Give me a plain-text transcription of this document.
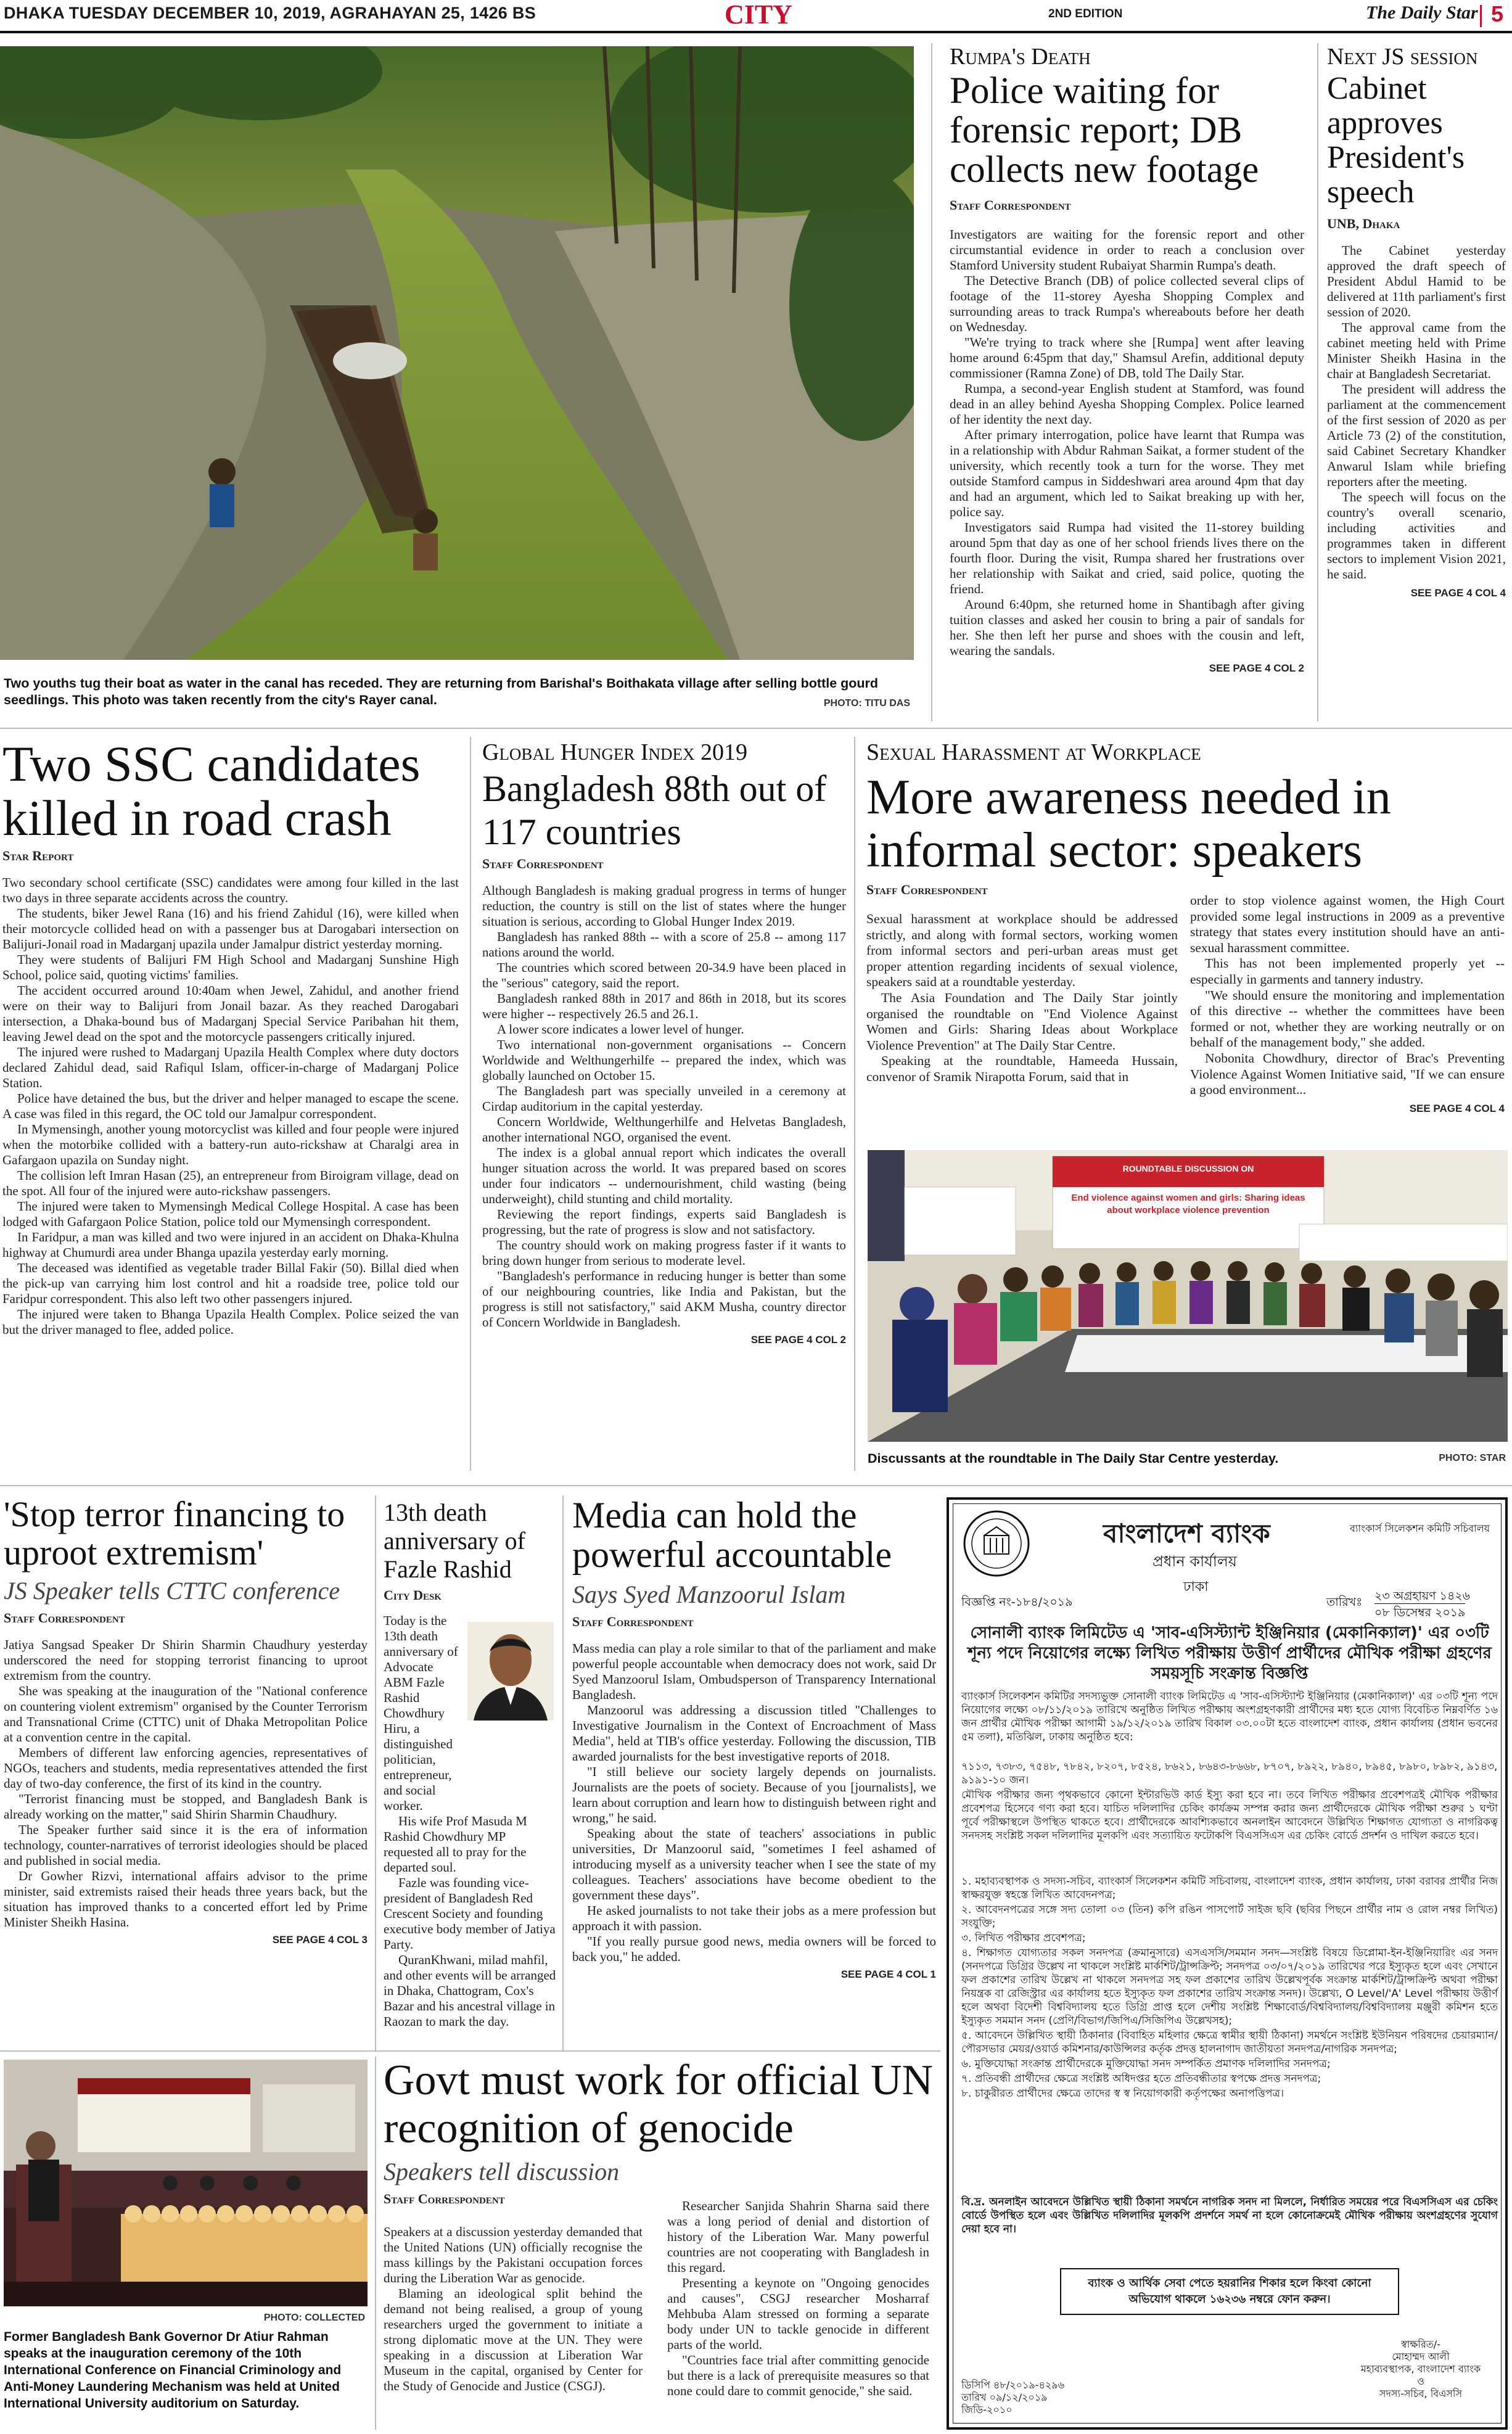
DHAKA TUESDAY DECEMBER 10, 2019, AGRAHAYAN 25, 1426 BS	CITY	2ND EDITION	The Daily Star 5
Two youths tug their boat as water in the canal has receded. They are returning from Barishal's Boithakata village after selling bottle gourd seedlings. This photo was taken recently from the city's Rayer canal.	PHOTO: TITU DAS
Rumpa's Death
Police waiting for forensic report; DB collects new footage
Staff Correspondent

Investigators are waiting for the forensic report and other circumstantial evidence in order to reach a conclusion over Stamford University student Rubaiyat Sharmin Rumpa's death.

The Detective Branch (DB) of police collected several clips of footage of the 11-storey Ayesha Shopping Complex and surrounding areas to track Rumpa's whereabouts before her death on Wednesday.

"We're trying to track where she [Rumpa] went after leaving home around 6:45pm that day," Shamsul Arefin, additional deputy commissioner (Ramna Zone) of DB, told The Daily Star.

Rumpa, a second-year English student at Stamford, was found dead in an alley behind Ayesha Shopping Complex. Police learned of her identity the next day.

After primary interrogation, police have learnt that Rumpa was in a relationship with Abdur Rahman Saikat, a former student of the university, which recently took a turn for the worse. They met outside Stamford campus in Siddeshwari area around 4pm that day and had an argument, which led to Saikat breaking up with her, police say.

Investigators said Rumpa had visited the 11-storey building around 5pm that day as one of her school friends lives there on the fourth floor. During the visit, Rumpa shared her frustrations over her relationship with Saikat and cried, said police, quoting the friend.

Around 6:40pm, she returned home in Shantibagh after giving tuition classes and asked her cousin to bring a pair of sandals for her. She then left her purse and shoes with the cousin and left, wearing the sandals.

SEE PAGE 4 COL 2
Next JS session
Cabinet approves President's speech
UNB, Dhaka

The Cabinet yesterday approved the draft speech of President Abdul Hamid to be delivered at 11th parliament's first session of 2020.

The approval came from the cabinet meeting held with Prime Minister Sheikh Hasina in the chair at Bangladesh Secretariat.

The president will address the parliament at the commencement of the first session of 2020 as per Article 73 (2) of the constitution, said Cabinet Secretary Khandker Anwarul Islam while briefing reporters after the meeting.

The speech will focus on the country's overall scenario, including activities and programmes taken in different sectors to implement Vision 2021, he said.

SEE PAGE 4 COL 4
Two SSC candidates killed in road crash
Star Report

Two secondary school certificate (SSC) candidates were among four killed in the last two days in three separate accidents across the country.

The students, biker Jewel Rana (16) and his friend Zahidul (16), were killed when their motorcycle collided head on with a passenger bus at Darogabari intersection on Balijuri-Jonail road in Madarganj upazila under Jamalpur district yesterday morning.

They were students of Balijuri FM High School and Madarganj Sunshine High School, police said, quoting victims' families.

The accident occurred around 10:40am when Jewel, Zahidul, and another friend were on their way to Balijuri from Jonail bazar. As they reached Darogabari intersection, a Dhaka-bound bus of Madarganj Special Service Paribahan hit them, leaving Jewel dead on the spot and the motorcycle passengers critically injured.

The injured were rushed to Madarganj Upazila Health Complex where duty doctors declared Zahidul dead, said Rafiqul Islam, officer-in-charge of Madarganj Police Station.

Police have detained the bus, but the driver and helper managed to escape the scene. A case was filed in this regard, the OC told our Jamalpur correspondent.

In Mymensingh, another young motorcyclist was killed and four people were injured when the motorbike collided with a battery-run auto-rickshaw at Charalgi area in Gafargaon upazila on Sunday night.

The collision left Imran Hasan (25), an entrepreneur from Biroigram village, dead on the spot. All four of the injured were auto-rickshaw passengers.

The injured were taken to Mymensingh Medical College Hospital. A case has been lodged with Gafargaon Police Station, police told our Mymensingh correspondent.

In Faridpur, a man was killed and two were injured in an accident on Dhaka-Khulna highway at Chumurdi area under Bhanga upazila yesterday early morning.

The deceased was identified as vegetable trader Billal Fakir (50). Billal died when the pick-up van carrying him lost control and hit a roadside tree, police told our Faridpur correspondent. This also left two other passengers injured.

The injured were taken to Bhanga Upazila Health Complex. Police seized the van but the driver managed to flee, added police.

Global Hunger Index 2019
Bangladesh 88th out of 117 countries
Staff Correspondent

Although Bangladesh is making gradual progress in terms of hunger reduction, the country is still on the list of states where the hunger situation is serious, according to Global Hunger Index 2019.

Bangladesh has ranked 88th -- with a score of 25.8 -- among 117 nations around the world.

The countries which scored between 20-34.9 have been placed in the "serious" category, said the report.

Bangladesh ranked 88th in 2017 and 86th in 2018, but its scores were higher -- respectively 26.5 and 26.1.

A lower score indicates a lower level of hunger.

Two international non-government organisations -- Concern Worldwide and Welthungerhilfe -- prepared the index, which was globally launched on October 15.

The Bangladesh part was specially unveiled in a ceremony at Cirdap auditorium in the capital yesterday.

Concern Worldwide, Welthungerhilfe and Helvetas Bangladesh, another international NGO, organised the event.

The index is a global annual report which indicates the overall hunger situation across the world. It was prepared based on scores under four indicators -- undernourishment, child wasting (being underweight), child stunting and child mortality.

Reviewing the report findings, experts said Bangladesh is progressing, but the rate of progress is slow and not satisfactory.

The country should work on making progress faster if it wants to bring down hunger from serious to moderate level.

"Bangladesh's performance in reducing hunger is better than some of our neighbouring countries, like India and Pakistan, but the progress is still not satisfactory," said AKM Musha, country director of Concern Worldwide in Bangladesh.

SEE PAGE 4 COL 2
Sexual Harassment at Workplace
More awareness needed in informal sector: speakers
Staff Correspondent

Sexual harassment at workplace should be addressed strictly, and along with formal sectors, working women from informal sectors and peri-urban areas must get proper attention regarding incidents of sexual violence, speakers said at a roundtable yesterday.

The Asia Foundation and The Daily Star jointly organised the roundtable on "End Violence Against Women and Girls: Sharing Ideas about Workplace Violence Prevention" at The Daily Star Centre.

Speaking at the roundtable, Hameeda Hussain, convenor of Sramik Nirapotta Forum, said that in

order to stop violence against women, the High Court provided some legal instructions in 2009 as a preventive strategy that states every institution should have an anti-sexual harassment committee.

This has not been implemented properly yet -- especially in garments and tannery industry.

"We should ensure the monitoring and implementation of this directive -- whether the committees have been formed or not, whether they are working neutrally or on behalf of the management body," she added.

Nobonita Chowdhury, director of Brac's Preventing Violence Against Women Initiative said, "If we can ensure a good environment...

SEE PAGE 4 COL 4
ROUNDTABLE DISCUSSION ON
End violence against women and girls: Sharing ideas about workplace violence prevention
Discussants at the roundtable in The Daily Star Centre yesterday.	PHOTO: STAR
'Stop terror financing to uproot extremism'
JS Speaker tells CTTC conference
Staff Correspondent

Jatiya Sangsad Speaker Dr Shirin Sharmin Chaudhury yesterday underscored the need for stopping terrorist financing to uproot extremism from the country.

She was speaking at the inauguration of the "National conference on countering violent extremism" organised by the Counter Terrorism and Transnational Crime (CTTC) unit of Dhaka Metropolitan Police at a convention centre in the capital.

Members of different law enforcing agencies, representatives of NGOs, teachers and students, media representatives attended the first day of two-day conference, the first of its kind in the country.

"Terrorist financing must be stopped, and Bangladesh Bank is already working on the matter," said Shirin Sharmin Chaudhury.

The Speaker further said since it is the era of information technology, counter-narratives of terrorist ideologies should be placed and published in social media.

Dr Gowher Rizvi, international affairs advisor to the prime minister, said extremists raised their heads three years back, but the situation has improved thanks to a concerted effort led by Prime Minister Sheikh Hasina.

SEE PAGE 4 COL 3
13th death anniversary of Fazle Rashid
City Desk
Today is the 13th death anniversary of Advocate ABM Fazle Rashid Chowdhury Hiru, a distinguished politician, entrepreneur, and social worker.

His wife Prof Masuda M Rashid Chowdhury MP requested all to pray for the departed soul.

Fazle was founding vice-president of Bangladesh Red Crescent Society and founding executive body member of Jatiya Party.

QuranKhwani, milad mahfil, and other events will be arranged in Dhaka, Chattogram, Cox's Bazar and his ancestral village in Raozan to mark the day.

Media can hold the powerful accountable
Says Syed Manzoorul Islam
Staff Correspondent

Mass media can play a role similar to that of the parliament and make powerful people accountable when democracy does not work, said Dr Syed Manzoorul Islam, Ombudsperson of Transparency International Bangladesh.

Manzoorul was addressing a discussion titled "Challenges to Investigative Journalism in the Context of Encroachment of Mass Media", held at TIB's office yesterday. Following the discussion, TIB awarded journalists for the best investigative reports of 2018.

"I still believe our society largely depends on journalists. Journalists are the poets of society. Because of you [journalists], we learn about corruption and learn how to distinguish between right and wrong," he said.

Speaking about the state of teachers' associations in public universities, Dr Manzoorul said, "sometimes I feel ashamed of introducing myself as a university teacher when I see the state of my colleagues. Teachers' associations have become obedient to the government these days".

He asked journalists to not take their jobs as a mere profession but approach it with passion.

"If you really pursue good news, media owners will be forced to back you," he added.

SEE PAGE 4 COL 1
বাংলাদেশ ব্যাংক	ব্যাংকার্স সিলেকশন কমিটি সচিবালয়
প্রধান কার্যালয়
ঢাকা
বিজ্ঞপ্তি নং-১৮৪/২০১৯	তারিখঃ ২৩ অগ্রহায়ণ ১৪২৬
০৮ ডিসেম্বর ২০১৯
সোনালী ব্যাংক লিমিটেড এ 'সাব-এসিস্ট্যান্ট ইঞ্জিনিয়ার (মেকানিক্যাল)' এর ০৩টি শূন্য পদে নিয়োগের লক্ষ্যে লিখিত পরীক্ষায় উত্তীর্ণ প্রার্থীদের মৌখিক পরীক্ষা গ্রহণের সময়সূচি সংক্রান্ত বিজ্ঞপ্তি
ব্যাংকার্স সিলেকশন কমিটির সদস্যভুক্ত সোনালী ব্যাংক লিমিটেড এ 'সাব-এসিস্ট্যান্ট ইঞ্জিনিয়ার (মেকানিক্যাল)' এর ০৩টি শূন্য পদে নিয়োগের লক্ষ্যে ০৮/১১/২০১৯ তারিখে অনুষ্ঠিত লিখিত পরীক্ষায় অংশগ্রহণকারী প্রার্থীদের মধ্য হতে যোগ্য বিবেচিত নিম্নবর্ণিত ১৬ জন প্রার্থীর মৌখিক পরীক্ষা আগামী ১৯/১২/২০১৯ তারিখ বিকাল ০৩.০০টা হতে বাংলাদেশ ব্যাংক, প্রধান কার্যালয় (প্রধান ভবনের ৫ম তলা), মতিঝিল, ঢাকায় অনুষ্ঠিত হবে:
৭১১৩, ৭৩৮৩, ৭৫৪৮, ৭৮৪২, ৮২০৭, ৮৫২৪, ৮৬২১, ৮৬৪৩-৮৬৬৮, ৮৭০৭, ৮৯২২, ৮৯৪০, ৮৯৪৫, ৮৯৮০, ৮৯৮২, ৯১৪৩, ৯১৯১-১০ জন।
মৌখিক পরীক্ষার জন্য পৃথকভাবে কোনো ইন্টারভিউ কার্ড ইস্যু করা হবে না। তবে লিখিত পরীক্ষার প্রবেশপত্রই মৌখিক পরীক্ষার প্রবেশপত্র হিসেবে গণ্য করা হবে। যাচিত দলিলাদির চেকিং কার্যক্রম সম্পন্ন করার জন্য প্রার্থীদেরকে মৌখিক পরীক্ষা শুরুর ১ ঘণ্টা পূর্বে পরীক্ষাস্থলে উপস্থিত থাকতে হবে। প্রার্থীদেরকে আবশ্যিকভাবে অনলাইন আবেদনে উল্লিখিত শিক্ষাগত যোগ্যতা ও নাগরিকত্ব সনদসহ সংশ্লিষ্ট সকল দলিলাদির মূলকপি এবং সত্যায়িত ফটোকপি বিএসসিএস এর চেকিং বোর্ডে প্রদর্শন ও দাখিল করতে হবে।
১. মহাব্যবস্থাপক ও সদস্য-সচিব, ব্যাংকার্স সিলেকশন কমিটি সচিবালয়, বাংলাদেশ ব্যাংক, প্রধান কার্যালয়, ঢাকা বরাবর প্রার্থীর নিজ স্বাক্ষরযুক্ত স্বহস্তে লিখিত আবেদনপত্র;
২. আবেদনপত্রের সঙ্গে সদ্য তোলা ০৩ (তিন) কপি রঙিন পাসপোর্ট সাইজ ছবি (ছবির পিছনে প্রার্থীর নাম ও রোল নম্বর লিখিত) সংযুক্তি;
৩. লিখিত পরীক্ষার প্রবেশপত্র;
৪. শিক্ষাগত যোগ্যতার সকল সনদপত্র (ক্রমানুসারে) এসএসসি/সমমান সনদ—সংশ্লিষ্ট বিষয়ে ডিপ্লোমা-ইন-ইঞ্জিনিয়ারিং এর সনদ (সনদপত্রে ডিগ্রির উল্লেখ না থাকলে সংশ্লিষ্ট মার্কশিট/ট্রান্সক্রিপ্ট; সনদপত্র ০৩/০৭/২০১৯ তারিখের পরে ইস্যুকৃত হলে এবং সেখানে ফল প্রকাশের তারিখ উল্লেখ না থাকলে সনদপত্র সহ ফল প্রকাশের তারিখ উল্লেখপূর্বক সংক্রান্ত মার্কশিট/ট্রান্সক্রিপ্ট অথবা পরীক্ষা নিয়ন্ত্রক বা রেজিস্ট্রার এর কার্যালয় হতে ইস্যুকৃত ফল প্রকাশের তারিখ সংক্রান্ত সনদ)। উল্লেখ্য, O Level/'A' Level পরীক্ষায় উত্তীর্ণ হলে অথবা বিদেশী বিশ্ববিদ্যালয় হতে ডিগ্রি প্রাপ্ত হলে দেশীয় সংশ্লিষ্ট শিক্ষাবোর্ড/বিশ্ববিদ্যালয়/বিশ্ববিদ্যালয় মঞ্জুরী কমিশন হতে ইস্যুকৃত সমমান সনদ (প্রেণি/বিভাগ/জিপিএ/সিজিপিএ উল্লেখসহ);
৫. আবেদনে উল্লিখিত স্থায়ী ঠিকানার (বিবাহিত মহিলার ক্ষেত্রে স্বামীর স্থায়ী ঠিকানা) সমর্থনে সংশ্লিষ্ট ইউনিয়ন পরিষদের চেয়ারম্যান/পৌরসভার মেয়র/ওয়ার্ড কমিশনার/কাউন্সিলর কর্তৃক প্রদত্ত হালনাগাদ জাতীয়তা সনদপত্র/নাগরিক সনদপত্র;
৬. মুক্তিযোদ্ধা সংক্রান্ত প্রার্থীদেরকে মুক্তিযোদ্ধা সনদ সম্পর্কিত প্রমাণক দলিলাদির সনদপত্র;
৭. প্রতিবন্ধী প্রার্থীদের ক্ষেত্রে সংশ্লিষ্ট অধিদপ্তর হতে প্রতিবন্ধীতার স্বপক্ষে প্রদত্ত সনদপত্র;
৮. চাকুরীরত প্রার্থীদের ক্ষেত্রে তাদের স্ব স্ব নিয়োগকারী কর্তৃপক্ষের অনাপত্তিপত্র।
বি.দ্র. অনলাইন আবেদনে উল্লিখিত স্থায়ী ঠিকানা সমর্থনে নাগরিক সনদ না মিললে, নির্ধারিত সময়ের পরে বিএসসিএস এর চেকিং বোর্ডে উপস্থিত হলে এবং উল্লিখিত দলিলাদির মূলকপি প্রদর্শনে সমর্থ না হলে কোনোক্রমেই মৌখিক পরীক্ষায় অংশগ্রহণের সুযোগ দেয়া হবে না।
ব্যাংক ও আর্থিক সেবা পেতে হয়রানির শিকার হলে কিংবা কোনো অভিযোগ থাকলে ১৬২৩৬ নম্বরে ফোন করুন।
স্বাক্ষরিত/-
মোহাম্মদ আলী
মহাব্যবস্থাপক, বাংলাদেশ ব্যাংক
ও
সদস্য-সচিব, বিএসসি
ডিসিপি ৪৮/২০১৯-৪২৯৬
তারিখ ০৯/১২/২০১৯
জিডি-২০১০
PHOTO: COLLECTED
Former Bangladesh Bank Governor Dr Atiur Rahman speaks at the inauguration ceremony of the 10th International Conference on Financial Criminology and Anti-Money Laundering Mechanism was held at United International University auditorium on Saturday.
Govt must work for official UN recognition of genocide
Speakers tell discussion
Staff Correspondent

Speakers at a discussion yesterday demanded that the United Nations (UN) officially recognise the mass killings by the Pakistani occupation forces during the Liberation War as genocide.

Blaming an ideological split behind the demand not being realised, a group of young researchers urged the government to initiate a strong diplomatic move at the UN. They were speaking in a discussion at Liberation War Museum in the capital, organised by Center for the Study of Genocide and Justice (CSGJ).

Researcher Sanjida Shahrin Sharna said there was a long period of denial and distortion of history of the Liberation War. Many powerful countries are not cooperating with Bangladesh in this regard.

Presenting a keynote on "Ongoing genocides and causes", CSGJ researcher Mosharraf Mehbuba Alam stressed on forming a separate body under UN to tackle genocide in different parts of the world.

"Countries face trial after committing genocide but there is a lack of prerequisite measures so that none could dare to commit genocide," she said.
